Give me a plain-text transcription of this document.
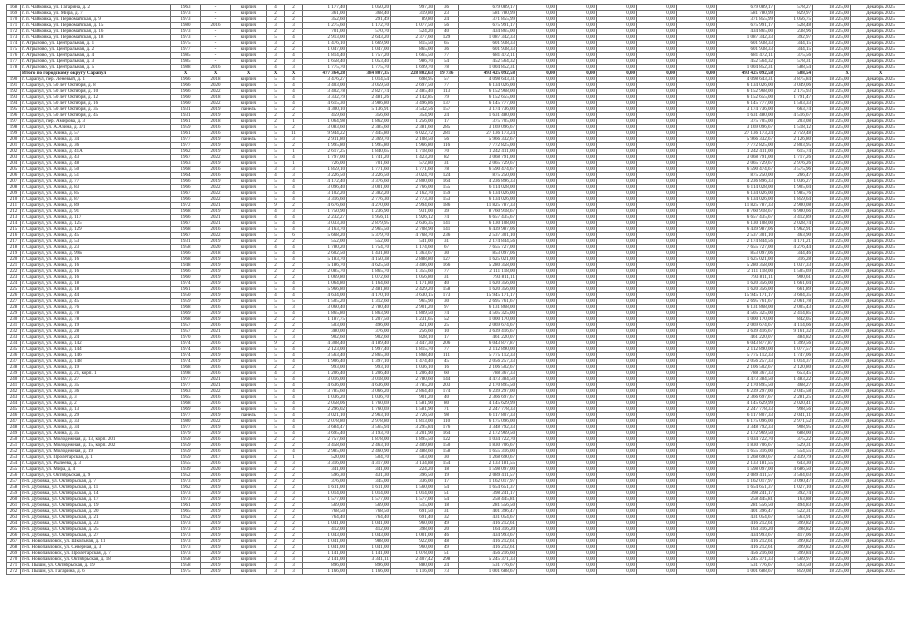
168	г. п. Чайковка, ул. Гагарина, д. 2	1963	-	кирпич	4	2	1 177,40	1 050,20	997,30	36	679 089,17	0,00	0,00	0,00	0,00	0,00	679 089,17	578,27	18 225,00	Декабрь 2025
169	г. п. Чайковка, ул. Мира, д. 7	1973	-	кирпич	2	2	361,00	368,40	319,80	23	581 780,99	0,00	0,00	0,00	0,00	0,00	581 780,99	829,97	18 225,00	Декабрь 2025
170	г. п. Чайковка, ул. Первомайская, д. 9	1973	-	кирпич	2	2	352,60	291,49	89,80	24	371 855,99	0,00	0,00	0,00	0,00	0,00	371 855,99	1 056,75	18 225,00	Декабрь 2025
171	г. п. Чайковка, ул. Первомайская, д. 15	1980	2016	кирпич	3	3	1 275,60	1 172,70	1 077,50	56	675 991,17	0,00	0,00	0,00	0,00	0,00	675 991,17	528,48	18 225,00	Декабрь 2025
172	г. п. Чайковка, ул. Первомайская, д. 16	1973	-	кирпич	2	2	701,00	570,70	524,20	40	434 865,00	0,00	0,00	0,00	0,00	0,00	434 865,00	238,96	18 225,00	Декабрь 2025
173	г. п. Чайковка, ул. Первомайская, д. 18	1973	-	кирпич	5	4	2 913,00	2 643,20	2 377,60	129	1 087 342,33	0,00	0,00	0,00	0,00	0,00	1 087 342,33	392,97	18 225,00	Декабрь 2025
174	г. Агрызово, ул. Центральная, д. 1	1975	-	кирпич	3	2	1 476,10	1 669,90	815,50	65	601 938,33	0,00	0,00	0,00	0,00	0,00	601 938,33	344,15	18 225,00	Декабрь 2025
175	г. Агрызово, ул. Центральная, д. 2	1977	-	кирпич	2	2	1 047,00	1 047,00	865,00	36	601 938,33	0,00	0,00	0,00	0,00	0,00	601 938,33	344,15	18 225,00	Декабрь 2025
176	г. Агрызово, ул. Центральная, д. 4	1985	-	кирпич	3	4	1 814,40	1 757,20	1 665,50	77	681 472,11	0,00	0,00	0,00	0,00	0,00	681 472,11	375,56	18 225,00	Декабрь 2025
177	г. Агрызово, ул. Центральная, д. 3	1985	-	кирпич	2	3	1 658,40	1 053,40	986,70	54	452 564,32	0,00	0,00	0,00	0,00	0,00	452 564,32	578,31	18 225,00	Декабрь 2025
178	г. Агрызово, ул. Центральная, д. 5	1988	2016	кирпич	4	3	1 775,70	1 775,70	1 699,70	78	1 004 852,31	0,00	0,00	0,00	0,00	0,00	1 004 852,31	588,54	18 225,00	Декабрь 2025
	Итого по городскому округу Сарапул	X	X	X	X	X	477 364,28	384 807,35	228 802,63	19 736	493 425 092,58	0,00	0,00	0,00	0,00	0,00	493 425 092,58	588,54	X	X
190	г. Сарапул, пер. Леневый, д. 1	1966	2018	кирпич	5	4	3 476,27	1 014,54	698,95	57	4 098 643,31	0,00	0,00	0,00	0,00	0,00	4 098 643,31	3 875,84	18 225,00	Декабрь 2025
191	г. Сарапул, ул. 50 лет Октября, д. 8	1966	2020	кирпич	5	4	3 403,00	3 059,50	2 697,50	77	6 134 026,00	0,00	0,00	0,00	0,00	0,00	6 134 026,00	3 049,06	18 225,00	Декабрь 2025
192	г. Сарапул, ул. 50 лет Октября, д. 10	1966	2022	кирпич	5	4	3 402,78	2 827,74	2 485,40	113	6 152 968,00	0,00	0,00	0,00	0,00	0,00	6 152 968,00	2 175,93	18 225,00	Декабрь 2025
193	г. Сарапул, ул. 50 лет Октября, д. 12	1960	2018	кирпич	5	4	3 332,79	2 481,26	2 142,85	79	6 152 655,00	0,00	0,00	0,00	0,00	0,00	6 152 655,00	1 791,47	18 225,00	Декабрь 2025
194	г. Сарапул, ул. 50 лет Октября, д. 16	1960	2022	кирпич	5	4	4 615,30	3 986,80	3 496,86	137	6 145 777,00	0,00	0,00	0,00	0,00	0,00	6 145 777,00	1 503,33	18 225,00	Декабрь 2025
195	г. Сарапул, ул. 50 лет Октября, д. 35	1931	2019	панель	5	2	4 300,10	5 136,91	3 542,56	157	3 174 736,00	0,00	0,00	0,00	0,00	0,00	3 174 736,00	663,74	18 225,00	Декабрь 2025
196	г. Сарапул, ул. 50 лет Октября, д. 45	1931	2019	кирпич	2	2	459,60	356,60	354,90	24	1 631 480,00	0,00	0,00	0,00	0,00	0,00	1 631 480,00	4 516,67	18 225,00	Декабрь 2025
197	г. Сарапул, пер. Амирова, д. 3	1961	2018	кирпич	2	1	1 064,98	1 862,00	1 256,00	17	375 705,00	0,00	0,00	0,00	0,00	0,00	375 705,00	203,08	18 225,00	Декабрь 2025
198	г. Сарапул, ул. А.Азина, д. 3/1	1959	2016	кирпич	5	2	3 083,60	2 385,60	2 381,60	285	3 169 096,67	0,00	0,00	0,00	0,00	0,00	3 169 096,67	1 518,12	18 225,00	Декабрь 2025
199	г. Сарапул, ул. Азина, д. 57	1961	2016	кирпич	5	11	9 944,22	7 445,80	6 022,72	281	27 136 173,24	0,00	0,00	0,00	0,00	0,00	27 136 173,24	2 759,48	18 225,00	Декабрь 2025
200	г. Сарапул, ул. Азина, д. 34	1977	2019	панель	5	3	2 911,80	2 369,70	2 108,50	56	5 966 332,67	0,00	0,00	0,00	0,00	0,00	5 966 332,67	2 126,80	18 225,00	Декабрь 2025
201	г. Сарапул, ул. Азина, д. 36	1977	2019	кирпич	5	2	1 995,80	1 995,80	1 966,80	116	7 772 825,00	0,00	0,00	0,00	0,00	0,00	7 772 825,00	2 803,95	18 225,00	Декабрь 2025
202	г. Сарапул, ул. Азина, д. 41А	1962	2019	кирпич	5	1	2 617,25	1 840,65	1 718,60	70	1 242 411,00	0,00	0,00	0,00	0,00	0,00	1 242 411,00	615,74	18 225,00	Декабрь 2025
203	г. Сарапул, ул. Азина, д. 43	1967	2022	кирпич	5	4	1 797,00	1 741,20	1 423,20	82	3 068 791,00	0,00	0,00	0,00	0,00	0,00	3 068 791,00	1 717,26	18 225,00	Декабрь 2025
204	г. Сарапул, ул. Азина, д. 48	1963	2019	кирпич	5	1	726,00	701,60	572,80	31	2 065 729,67	0,00	0,00	0,00	0,00	0,00	2 065 729,67	2 976,26	18 225,00	Декабрь 2025
205	г. Сарапул, ул. Азина, д. 50	1968	2016	кирпич	3	3	1 859,10	1 771,60	1 771,60	78	6 590 474,67	0,00	0,00	0,00	0,00	0,00	6 590 474,67	3 575,96	18 225,00	Декабрь 2025
206	г. Сарапул, ул. Азина, д. 51	1964	2016	кирпич	4	3	3 226,50	3 226,50	3 024,70	124	875 250,00	0,00	0,00	0,00	0,00	0,00	875 250,00	266,47	18 225,00	Декабрь 2025
207	г. Сарапул, ул. Азина, д. 77	1966	2019	кирпич	5	4	4 172,40	3 376,60	2 800,00	164	4 236 896,33	0,00	0,00	0,00	0,00	0,00	4 236 896,33	1 036,27	18 225,00	Декабрь 2025
208	г. Сарапул, ул. Азина, д. 83	1966	2022	кирпич	5	4	3 096,40	3 001,00	2 766,00	155	6 114 028,00	0,00	0,00	0,00	0,00	0,00	6 114 028,00	1 905,04	18 225,00	Декабрь 2025
209	г. Сарапул, ул. Азина, д. 85	1967	2022	кирпич	5	4	3 102,20	2 382,20	2 162,70	159	6 134 026,00	0,00	0,00	0,00	0,00	0,00	6 134 026,00	1 985,76	18 225,00	Декабрь 2025
210	г. Сарапул, ул. Азина, д. 87	1966	2022	кирпич	5	4	3 316,60	2 776,30	2 773,30	153	6 134 026,00	0,00	0,00	0,00	0,00	0,00	6 134 026,00	1 859,64	18 225,00	Декабрь 2025
211	г. Сарапул, ул. Азина, д. 89	1972	2021	кирпич	9	2	4 676,60	4 270,00	2 994,60	186	11 825 787,33	0,00	0,00	0,00	0,00	0,00	11 825 787,33	2 900,08	18 225,00	Декабрь 2025
212	г. Сарапул, ул. Азина, д. 91	1968	2019	кирпич	4	3	1 750,90	1 236,90	931,00	39	8 760 918,67	0,00	0,00	0,00	0,00	0,00	8 760 918,67	6 900,66	18 225,00	Декабрь 2025
213	г. Сарапул, ул. Азина, д. 117	1966	2021	кирпич	4	4	2 232,27	1 956,11	1 926,12	74	6 657 435,67	0,00	0,00	0,00	0,00	0,00	6 657 435,67	3 412,89	18 225,00	Декабрь 2025
214	г. Сарапул, ул. Азина, д. 125	1967	2021	кирпич	5	4	3 033,30	2 879,95	2 636,35	141	6 130 108,00	0,00	0,00	0,00	0,00	0,00	6 130 108,00	2 028,74	18 225,00	Декабрь 2025
215	г. Сарапул, ул. Азина, д. 129	1968	2016	кирпич	5	4	3 163,70	2 965,50	2 708,90	141	6 439 987,06	0,00	0,00	0,00	0,00	0,00	6 439 987,06	1 962,91	18 225,00	Декабрь 2025
216	г. Сарапул, ул. Азина, д. 45	1967	2022	кирпич	5	6	5 668,20	5 379,70	4 768,70	236	2 537 301,10	0,00	0,00	0,00	0,00	0,00	2 537 301,10	463,90	18 225,00	Декабрь 2025
217	г. Сарапул, ул. Азина, д. 53	1931	2019	кирпич	2	2	552,00	552,00	541,00	31	2 174 844,56	0,00	0,00	0,00	0,00	0,00	2 174 844,56	4 171,21	18 225,00	Декабрь 2025
218	г. Сарапул, ул. Азина, д. 23	1958	2020	кирпич	4	4	1 780,20	1 754,70	1 174,60	67	7 655 727,00	0,00	0,00	0,00	0,00	0,00	7 655 727,00	4 276,44	18 225,00	Декабрь 2025
219	г. Сарапул, ул. Азина, д. 99Б	1966	2018	кирпич	5	4	2 602,50	1 431,80	1 363,67	30	853 097,06	0,00	0,00	0,00	0,00	0,00	853 097,06	344,46	18 225,00	Декабрь 2025
220	г. Сарапул, ул. Азина, д. 16	1968	2019	кирпич	5	4	5 183,70	4 150,38	2 888,80	127	1 625 021,00	0,00	0,00	0,00	0,00	0,00	1 625 021,00	316,28	18 225,00	Декабрь 2025
221	г. Сарапул, ул. Азина, д. 16	1948	2019	кирпич	2	2	5 186,70	4 625,50	3 406,00	166	5 280 358,00	0,00	0,00	0,00	0,00	0,00	5 280 358,00	1 037,33	18 225,00	Декабрь 2025
222	г. Сарапул, ул. Азина, д. 16	1966	2019	кирпич	2	2	2 085,70	1 865,70	1 355,60	77	2 111 118,00	0,00	0,00	0,00	0,00	0,00	2 111 118,00	1 505,69	18 225,00	Декабрь 2025
223	г. Сарапул, ул. Азина, д. 16	1960	2019	кирпич	2	2	1 069,80	1 072,60	1 056,80	31	793 811,11	0,00	0,00	0,00	0,00	0,00	793 811,11	900,61	18 225,00	Декабрь 2025
224	г. Сарапул, ул. Азина, д. 18	1974	2019	кирпич	5	4	1 064,80	1 164,60	1 171,80	40	1 620 356,00	0,00	0,00	0,00	0,00	0,00	1 620 356,00	1 661,04	18 225,00	Декабрь 2025
225	г. Сарапул, ул. Азина, д. 18	1961	2016	кирпич	5	4	5 966,80	2 481,80	2 429,20	158	1 620 356,00	0,00	0,00	0,00	0,00	0,00	1 620 356,00	661,89	18 225,00	Декабрь 2025
226	г. Сарапул, ул. Азина, д. 44	1950	2019	кирпич	4	4	4 634,00	4 170,10	3 630,15	173	15 945 171,17	0,00	0,00	0,00	0,00	0,00	15 945 171,17	3 604,35	18 225,00	Декабрь 2025
227	г. Сарапул, ул. Азина, д. 45	1959	2019	кирпич	5	5	1 505,20	1 312,60	965,90	30	2 695 761,67	0,00	0,00	0,00	0,00	0,00	2 695 761,67	2 061,78	18 225,00	Декабрь 2025
228	г. Сарапул, ул. Азина, д. 76	1968	2016	кирпич	5	3	3 060,40	2 780,40	2 901,20	97	6 131 868,00	0,00	0,00	0,00	0,00	0,00	6 131 868,00	2 005,43	18 225,00	Декабрь 2025
229	г. Сарапул, ул. Азина, д. 78	1969	2019	кирпич	5	4	1 865,80	1 863,90	1 809,50	74	4 505 325,00	0,00	0,00	0,00	0,00	0,00	4 505 325,00	2 414,85	18 225,00	Декабрь 2025
230	г. Сарапул, ул. Азина, д. 78	1968	2019	кирпич	2	2	1 187,75	1 207,50	1 231,65	52	1 000 170,00	0,00	0,00	0,00	0,00	0,00	1 000 170,00	842,05	18 225,00	Декабрь 2025
231	г. Сарапул, ул. Азина, д. 19	1957	2016	кирпич	2	2	503,00	496,00	421,00	25	2 069 674,67	0,00	0,00	0,00	0,00	0,00	2 069 674,67	4 114,66	18 225,00	Декабрь 2025
232	г. Сарапул, ул. Азина, д. 28	1957	2021	кирпич	2	2	380,00	376,00	256,60	10	3 639 416,67	0,00	0,00	0,00	0,00	0,00	3 639 416,67	9 161,32	18 225,00	Декабрь 2025
233	г. Сарапул, ул. Азина, д. 24	1970	2016	кирпич	5	3	902,60	902,60	828,10	17	461 220,07	0,00	0,00	0,00	0,00	0,00	461 220,07	484,82	18 225,00	Декабрь 2025
234	г. Сарапул, ул. Азина, д. 142	1974	2016	кирпич	9	2	4 308,40	4 189,40	3 447,30	206	6 043 877,87	0,00	0,00	0,00	0,00	0,00	6 043 877,87	1 399,56	18 225,00	Декабрь 2025
235	г. Сарапул, ул. Азина, д. 144	1974	2016	кирпич	5	4	2 123,00	1 997,40	1 815,70	77	2 112 890,00	0,00	0,00	0,00	0,00	0,00	2 112 890,00	1 077,57	18 225,00	Декабрь 2025
236	г. Сарапул, ул. Азина, д. 146	1974	2019	кирпич	5	4	3 563,40	2 865,30	1 868,40	111	5 775 112,33	0,00	0,00	0,00	0,00	0,00	5 775 112,33	1 747,06	18 225,00	Декабрь 2025
237	г. Сарапул, ул. Азина, д. 148	1974	2019	кирпич	5	4	1 906,40	1 397,10	1 474,40	45	2 056 257,33	0,00	0,00	0,00	0,00	0,00	2 056 257,33	1 014,37	18 225,00	Декабрь 2025
238	г. Сарапул, ул. Азина, д. 19	1968	2016	кирпич	2	2	993,00	993,10	1 036,10	16	2 106 502,67	0,00	0,00	0,00	0,00	0,00	2 106 502,67	2 120,80	18 225,00	Декабрь 2025
239	г. Сарапул, ул. Азина, д. 21, корп. 1	1998	2016	кирпич	4	3	1 206,40	1 206,40	1 206,40	60	788 367,33	0,00	0,00	0,00	0,00	0,00	788 367,33	653,45	18 225,00	Декабрь 2025
240	г. Сарапул, ул. Азина, д. 27	1977	2021	кирпич	5	4	3 016,00	3 018,00	2 780,60	144	4 473 384,50	0,00	0,00	0,00	0,00	0,00	4 473 384,50	1 483,22	18 225,00	Декабрь 2025
241	г. Сарапул, ул. Азина, д. 35	1977	2021	кирпич	5	4	4 636,00	4 636,00	3 785,20	203	2 170 895,50	0,00	0,00	0,00	0,00	0,00	2 170 895,50	468,27	18 225,00	Декабрь 2025
242	г. Сарапул, ул. Азина, д. 36	1963	2022	кирпич	5	4	3 785,60	3 066,20	2 864,40	174	6 239 297,00	0,00	0,00	0,00	0,00	0,00	6 239 297,00	2 045,58	18 225,00	Декабрь 2025
243	г. Сарапул, ул. Азина, д. 3	1965	2016	кирпич	5	4	1 036,20	1 036,70	901,20	40	2 366 697,67	0,00	0,00	0,00	0,00	0,00	2 366 697,67	2 281,25	18 225,00	Декабрь 2025
244	г. Сарапул, ул. Азина, д. 2	1968	2016	кирпич	5	4	2 058,06	1 760,69	1 581,90	80	4 145 629,99	0,00	0,00	0,00	0,00	0,00	4 145 629,99	2 020,41	18 225,00	Декабрь 2025
245	г. Сарапул, ул. Азина, д. 13	1969	2016	кирпич	5	4	2 296,02	1 760,69	1 581,90	71	2 247 778,33	0,00	0,00	0,00	0,00	0,00	2 247 778,33	998,56	18 225,00	Декабрь 2025
246	г. Сарапул, ул. Азина, д. 29	1977	2019	панель	5	4	3 021,10	2 963,10	2 726,50	98	6 117 807,33	0,00	0,00	0,00	0,00	0,00	6 117 807,33	2 041,11	18 225,00	Декабрь 2025
247	г. Сарапул, ул. Азина, д. 33	1980	2022	кирпич	5	4	2 078,80	2 978,80	1 813,00	110	6 175 096,00	0,00	0,00	0,00	0,00	0,00	6 175 096,00	2 971,52	18 225,00	Декабрь 2025
248	г. Сарапул, ул. Азина, д. 34	1977	2019	кирпич	5	4	3 684,47	3 565,94	3 295,84	176	3 348 792,33	0,00	0,00	0,00	0,00	0,00	3 348 792,33	908,95	18 225,00	Декабрь 2025
249	г. Сарапул, ул. Азина, д. 35	1979	2019	кирпич	5	4	3 695,40	3 193,70	3 201,90	164	2 172 969,50	0,00	0,00	0,00	0,00	0,00	2 172 969,50	688,00	18 225,00	Декабрь 2025
250	г. Сарапул, ул. Молодежная, д. 13, корп. 201	1959	2016	кирпич	2	2	2 757,60	1 878,00	1 895,50	122	1 034 722,70	0,00	0,00	0,00	0,00	0,00	1 034 722,70	375,22	18 225,00	Декабрь 2025
251	г. Сарапул, ул. Молодежная, д. 15, корп. 202	1959	2016	кирпич	2	2	3 458,60	2 463,10	2 409,80	150	1 830 706,67	0,00	0,00	0,00	0,00	0,00	1 830 706,67	529,31	18 225,00	Декабрь 2025
252	г. Сарапул, ул. Молодежная, д. 19	1959	2016	кирпич	5	4	2 985,00	2 460,90	2 488,60	158	1 655 316,00	0,00	0,00	0,00	0,00	0,00	1 655 316,00	554,55	18 225,00	Декабрь 2025
253	г. Сарапул, ул. Пролетарская, д. 1	1959	2017	кирпич	2	1	520,00	504,70	503,00	30	1 268 690,67	0,00	0,00	0,00	0,00	0,00	1 268 690,67	2 439,79	18 225,00	Декабрь 2025
254	г. Сарапул, ул. Рылеева, д. 3	1955	2016	кирпич	4	3	3 316,00	4 317,00	3 134,88	154	2 133 181,55	0,00	0,00	0,00	0,00	0,00	2 133 181,55	643,30	18 225,00	Декабрь 2025
255	г. Сарапул, ул. Мира, д. 4	1939	2020	кирпич	2	2	341,00	341,00	224,20	18	1 598 097,00	0,00	0,00	0,00	0,00	0,00	1 598 097,00	4 686,50	18 225,00	Декабрь 2025
256	г. Сарапул, ул. Октябрьская, д. 9	1952	2016	кирпич	2	2	596,30	431,30	396,50	19	2 089 411,57	0,00	0,00	0,00	0,00	0,00	2 089 411,57	3 504,03	18 225,00	Декабрь 2025
257	п-п. Дубовка, ул. Октябрьская, д. 7	1973	2019	кирпич	2	2	376,00	345,00	336,00	17	1 162 017,97	0,00	0,00	0,00	0,00	0,00	1 162 017,97	3 090,47	18 225,00	Декабрь 2025
258	п-п. Дубовка, ул. Октябрьская, д. 11	1962	2019	кирпич	2	2	1 611,00	1 611,00	1 560,00	54	1 654 651,37	0,00	0,00	0,00	0,00	0,00	1 654 651,37	1 027,10	18 225,00	Декабрь 2025
259	п-п. Дубовка, ул. Октябрьская, д. 14	1973	2019	кирпич	3	3	1 014,00	1 014,00	1 014,00	51	398 241,17	0,00	0,00	0,00	0,00	0,00	398 241,17	392,74	18 225,00	Декабрь 2025
260	п-п. Дубовка, ул. Октябрьская, д. 17	1973	2019	кирпич	2	2	1 577,00	1 577,00	1 577,00	54	258 445,81	0,00	0,00	0,00	0,00	0,00	258 445,81	163,88	18 225,00	Декабрь 2025
261	п-п. Дубовка, ул. Октябрьская, д. 19	1961	2019	кирпич	2	2	569,00	569,00	515,00	18	281 556,50	0,00	0,00	0,00	0,00	0,00	281 556,50	494,83	18 225,00	Декабрь 2025
262	п-п. Дубовка, ул. Октябрьская, д. 20	1965	2019	кирпич	2	2	768,50	768,50	691,50	31	401 396,47	0,00	0,00	0,00	0,00	0,00	401 396,47	522,31	18 225,00	Декабрь 2025
263	п-п. Дубовка, ул. Октябрьская, д. 21	1952	2019	кирпич	2	2	764,40	764,40	691,40	32	431 054,67	0,00	0,00	0,00	0,00	0,00	431 054,67	563,91	18 225,00	Декабрь 2025
264	п-п. Дубовка, ул. Октябрьская, д. 23	1973	2019	кирпич	2	2	1 041,00	1 041,00	960,00	49	416 212,61	0,00	0,00	0,00	0,00	0,00	416 212,61	399,82	18 225,00	Декабрь 2025
265	п-п. Дубовка, ул. Октябрьская, д. 25	1973	2019	кирпич	2	2	412,00	412,00	398,00	20	164 316,20	0,00	0,00	0,00	0,00	0,00	164 316,20	398,82	18 225,00	Декабрь 2025
266	п-п. Дубовка, ул. Октябрьская, д. 27	1973	2019	кирпич	2	2	1 043,00	1 043,00	1 001,00	46	434 993,67	0,00	0,00	0,00	0,00	0,00	434 993,67	417,06	18 225,00	Декабрь 2025
267	п-п. Новопавловск, ул. Школьная, д. 11	1973	2019	кирпич	2	2	1 041,00	988,00	922,00	48	416 212,61	0,00	0,00	0,00	0,00	0,00	416 212,61	399,82	18 225,00	Декабрь 2025
268	п-п. Новопавловск, ул. Северная, д. 3	1973	2019	кирпич	2	2	1 041,00	1 041,00	960,00	49	416 212,61	0,00	0,00	0,00	0,00	0,00	416 212,61	399,82	18 225,00	Декабрь 2025
269	п-п. Новопавловск, ул. Пролетарская, д. 7	1973	2019	кирпич	2	2	1 141,00	1 141,00	1 078,00	51	456 216,60	0,00	0,00	0,00	0,00	0,00	456 216,60	399,84	18 225,00	Декабрь 2025
270	п-п. Новопавловск, ул. Октябрьская, д. 18	1958	2019	кирпич	3	3	2 141,00	3 341,11	2 407,42	298	5 245 371,33	0,00	0,00	0,00	0,00	0,00	5 245 371,33	1 569,97	18 225,00	Декабрь 2025
271	п-п. Пышм, ул. Октябрьская, д. 19	1958	2019	кирпич	3	3	896,00	896,00	880,00	24	531 776,67	0,00	0,00	0,00	0,00	0,00	531 776,67	593,50	18 225,00	Декабрь 2025
272	п-п. Пышм, ул. Гагарина, д. 6	1975	2019	кирпич	3	3	1 166,00	1 166,00	1 116,00	73	1 001 688,67	0,00	0,00	0,00	0,00	0,00	1 001 688,67	859,08	18 225,00	Декабрь 2025
